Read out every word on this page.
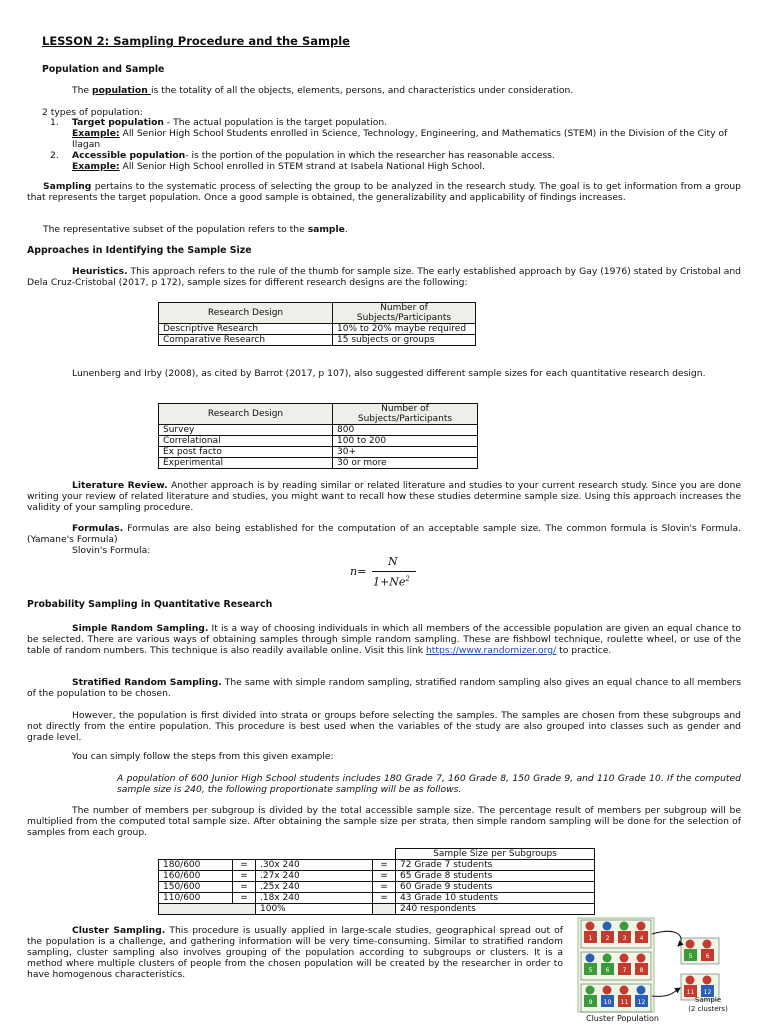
LESSON 2: Sampling Procedure and the Sample
Population and Sample
The population is the totality of all the objects, elements, persons, and characteristics under consideration.
2 types of population:
1.	Target population - The actual population is the target population.
Example: All Senior High School Students enrolled in Science, Technology, Engineering, and Mathematics (STEM) in the Division of the City of Ilagan
2.	Accessible population- is the portion of the population in which the researcher has reasonable access.
Example: All Senior High School enrolled in STEM strand at Isabela National High School.
Sampling pertains to the systematic process of selecting the group to be analyzed in the research study. The goal is to get information from a group that represents the target population. Once a good sample is obtained, the generalizability and applicability of findings increases.
The representative subset of the population refers to the sample.
Approaches in Identifying the Sample Size
Heuristics. This approach refers to the rule of the thumb for sample size. The early established approach by Gay (1976) stated by Cristobal and Dela Cruz-Cristobal (2017, p 172), sample sizes for different research designs are the following:
Research Design	Number of Subjects/Participants
Descriptive Research	10% to 20% maybe required
Comparative Research	15 subjects or groups
Lunenberg and Irby (2008), as cited by Barrot (2017, p 107), also suggested different sample sizes for each quantitative research design.
Research Design	Number of Subjects/Participants
Survey	800
Correlational	100 to 200
Ex post facto	30+
Experimental	30 or more
Literature Review. Another approach is by reading similar or related literature and studies to your current research study. Since you are done writing your review of related literature and studies, you might want to recall how these studies determine sample size. Using this approach increases the validity of your sampling procedure.
Formulas. Formulas are also being established for the computation of an acceptable sample size. The common formula is Slovin's Formula. (Yamane's Formula)
Slovin's Formula:
n=
N
$1+Ne^2$
Probability Sampling in Quantitative Research
Simple Random Sampling. It is a way of choosing individuals in which all members of the accessible population are given an equal chance to be selected. There are various ways of obtaining samples through simple random sampling. These are fishbowl technique, roulette wheel, or use of the table of random numbers. This technique is also readily available online. Visit this link https://www.randomizer.org/ to practice.
Stratified Random Sampling. The same with simple random sampling, stratified random sampling also gives an equal chance to all members of the population to be chosen.
However, the population is first divided into strata or groups before selecting the samples. The samples are chosen from these subgroups and not directly from the entire population. This procedure is best used when the variables of the study are also grouped into classes such as gender and grade level.
You can simply follow the steps from this given example:
A population of 600 Junior High School students includes 180 Grade 7, 160 Grade 8, 150 Grade 9, and 110 Grade 10. If the computed sample size is 240, the following proportionate sampling will be as follows.
The number of members per subgroup is divided by the total accessible sample size. The percentage result of members per subgroup will be multiplied from the computed total sample size. After obtaining the sample size per strata, then simple random sampling will be done for the selection of samples from each group.
				Sample Size per Subgroups
180/600	=	.30x 240	=	72 Grade 7 students
160/600	=	.27x 240	=	65 Grade 8 students
150/600	=	.25x 240	=	60 Grade 9 students
110/600	=	.18x 240	=	43 Grade 10 students
		100%		240 respondents
Cluster Sampling. This procedure is usually applied in large-scale studies, geographical spread out of the population is a challenge, and gathering information will be very time-consuming. Similar to stratified random sampling, cluster sampling also involves grouping of the population according to subgroups or clusters. It is a method where multiple clusters of people from the chosen population will be created by the researcher in order to have homogenous characteristics.
1 2 3 4
5 6 7 8
9 10 11 12
5 6
11 12
Cluster Population
Sample
(2 clusters)
